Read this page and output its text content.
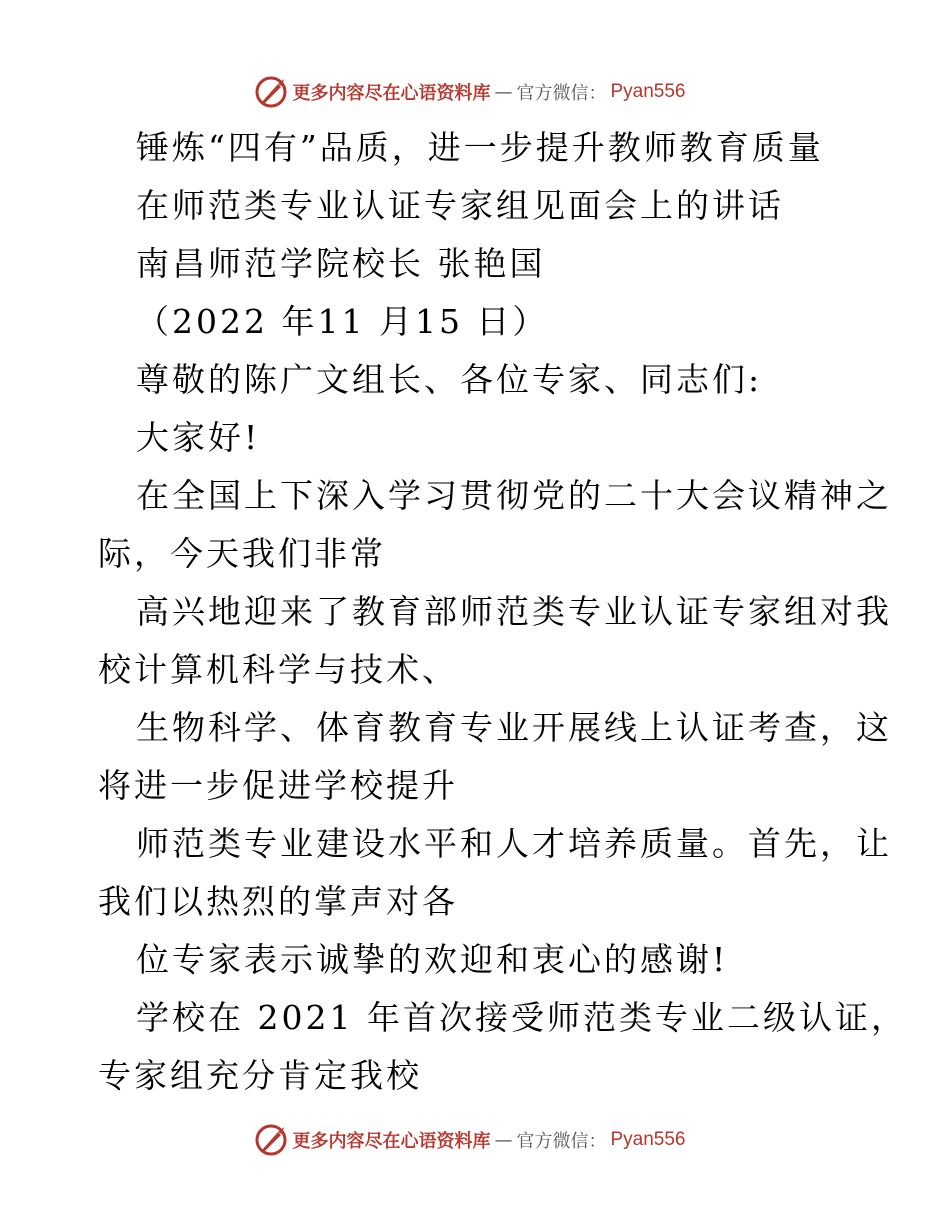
更多内容尽在心语资料库 — 官方微信： Pyan556
锤炼“四有”品质，进一步提升教师教育质量
在师范类专业认证专家组见面会上的讲话
南昌师范学院校长 张艳国
（2022 年11 月15 日）
尊敬的陈广文组长、各位专家、同志们:
大家好!
在全国上下深入学习贯彻党的二十大会议精神之
际，今天我们非常
高兴地迎来了教育部师范类专业认证专家组对我
校计算机科学与技术、
生物科学、体育教育专业开展线上认证考查，这
将进一步促进学校提升
师范类专业建设水平和人才培养质量。首先，让
我们以热烈的掌声对各
位专家表示诚挚的欢迎和衷心的感谢!
学校在 2021 年首次接受师范类专业二级认证，
专家组充分肯定我校
更多内容尽在心语资料库 — 官方微信： Pyan556
